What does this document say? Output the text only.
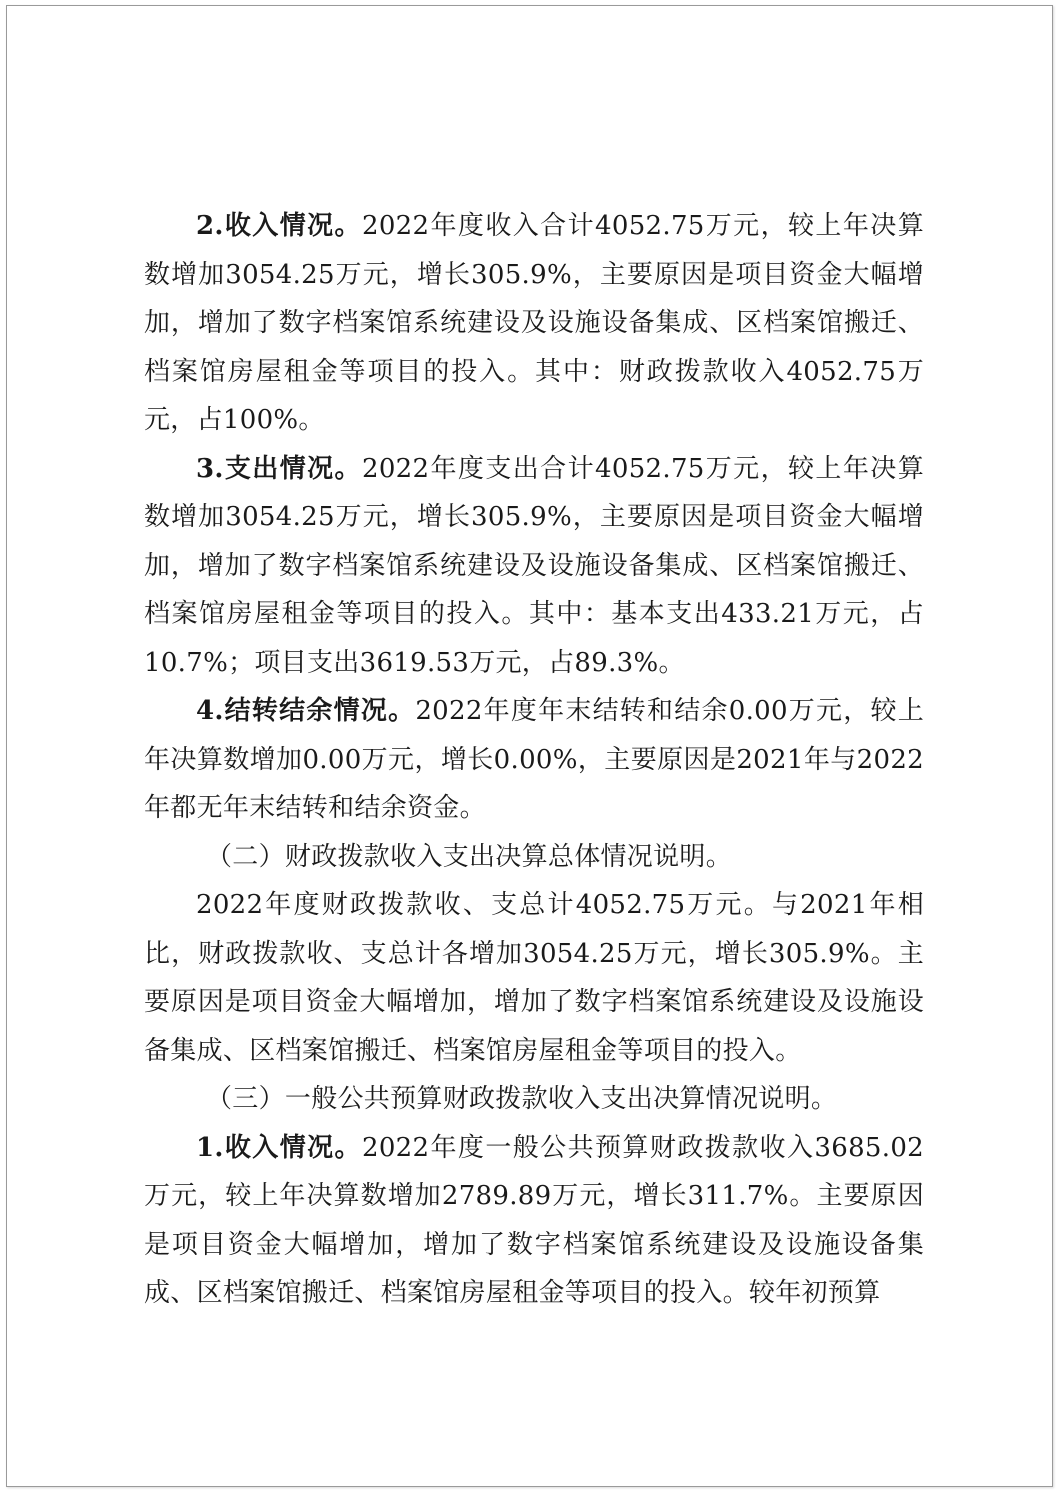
2.收入情况。2022年度收入合计4052.75万元，较上年决算数增加3054.25万元，增长305.9%，主要原因是项目资金大幅增加，增加了数字档案馆系统建设及设施设备集成、区档案馆搬迁、档案馆房屋租金等项目的投入。其中：财政拨款收入4052.75万元，占100%。

3.支出情况。2022年度支出合计4052.75万元，较上年决算数增加3054.25万元，增长305.9%，主要原因是项目资金大幅增加，增加了数字档案馆系统建设及设施设备集成、区档案馆搬迁、档案馆房屋租金等项目的投入。其中：基本支出433.21万元，占10.7%；项目支出3619.53万元，占89.3%。

4.结转结余情况。2022年度年末结转和结余0.00万元，较上年决算数增加0.00万元，增长0.00%，主要原因是2021年与2022年都无年末结转和结余资金。

（二）财政拨款收入支出决算总体情况说明。

2022年度财政拨款收、支总计4052.75万元。与2021年相比，财政拨款收、支总计各增加3054.25万元，增长305.9%。主要原因是项目资金大幅增加，增加了数字档案馆系统建设及设施设备集成、区档案馆搬迁、档案馆房屋租金等项目的投入。

（三）一般公共预算财政拨款收入支出决算情况说明。

1.收入情况。2022年度一般公共预算财政拨款收入3685.02万元，较上年决算数增加2789.89万元，增长311.7%。主要原因是项目资金大幅增加，增加了数字档案馆系统建设及设施设备集成、区档案馆搬迁、档案馆房屋租金等项目的投入。较年初预算
